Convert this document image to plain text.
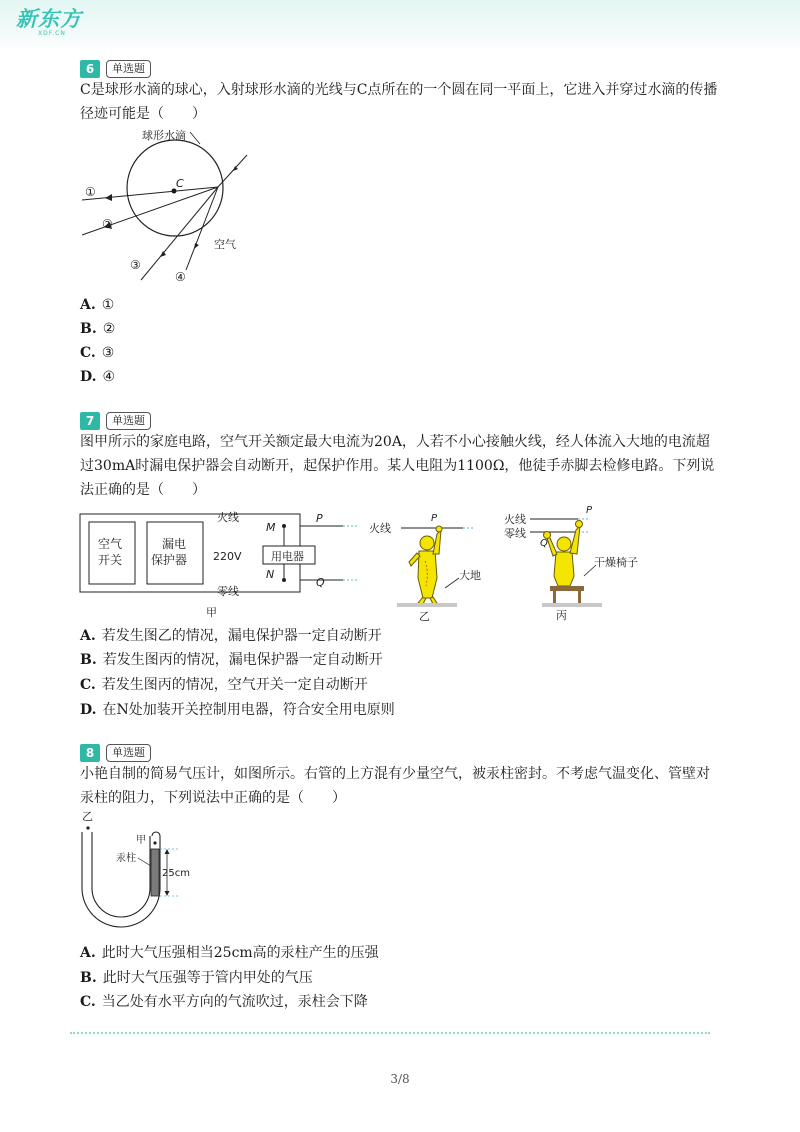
新东方
XDF.CN
6	单选题

C是球形水滴的球心，入射球形水滴的光线与C点所在的一个圆在同一平面上，它进入并穿过水滴的传播径迹可能是（　　）

球形水滴
C
①
②
③
④
空气
A. ①
B. ②
C. ③
D. ④
7	单选题

图甲所示的家庭电路，空气开关额定最大电流为20A，人若不小心接触火线，经人体流入大地的电流超过30mA时漏电保护器会自动断开，起保护作用。某人电阻为1100Ω，他徒手赤脚去检修电路。下列说法正确的是（　　）

空气
开关
漏电
保护器
火线
零线
220V	用电器
M
N
P
Q
甲
火线
P
大地
乙
火线
零线
P
Q
干燥椅子
丙
A. 若发生图乙的情况，漏电保护器一定自动断开
B. 若发生图丙的情况，漏电保护器一定自动断开
C. 若发生图丙的情况，空气开关一定自动断开
D. 在N处加装开关控制用电器，符合安全用电原则
8	单选题

小艳自制的简易气压计，如图所示。右管的上方混有少量空气，被汞柱密封。不考虑气温变化、管壁对汞柱的阻力，下列说法中正确的是（　　）

乙
甲
汞柱
25cm
A. 此时大气压强相当25cm高的汞柱产生的压强
B. 此时大气压强等于管内甲处的气压
C. 当乙处有水平方向的气流吹过，汞柱会下降
3/8
